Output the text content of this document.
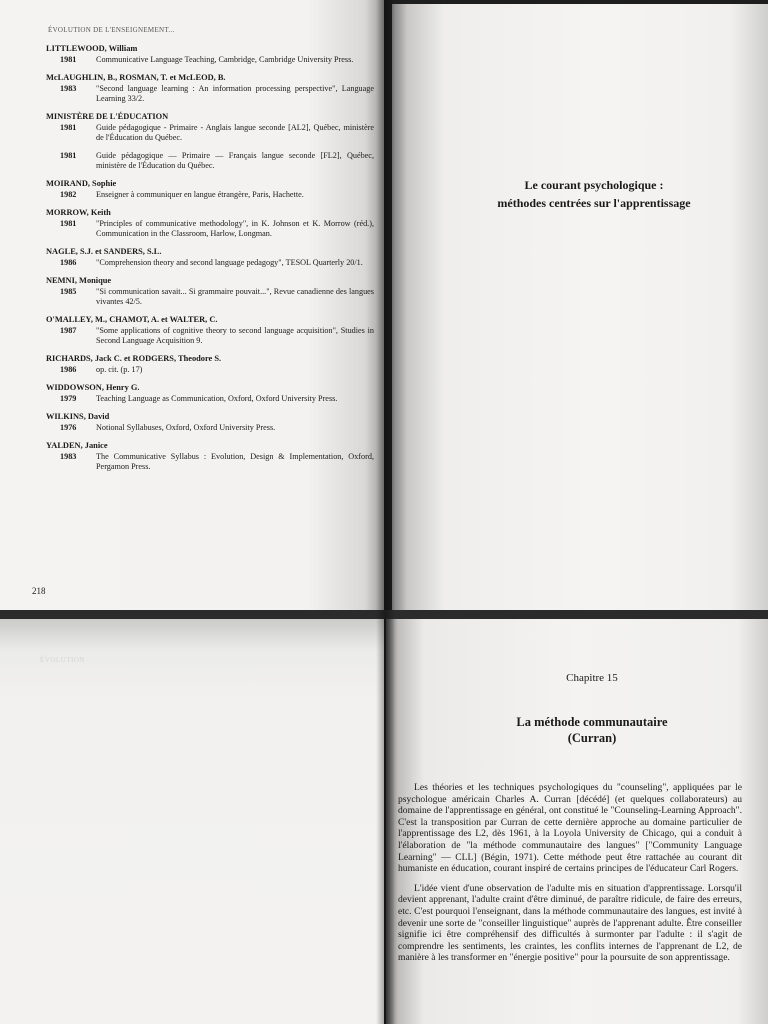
ÉVOLUTION DE L'ENSEIGNEMENT...
LITTLEWOOD, William
1981	Communicative Language Teaching, Cambridge, Cambridge University Press.
McLAUGHLIN, B., ROSMAN, T. et McLEOD, B.
1983	"Second language learning : An information processing perspective", Language Learning 33/2.
MINISTÈRE DE L'ÉDUCATION
1981	Guide pédagogique - Primaire - Anglais langue seconde [AL2], Québec, ministère de l'Éducation du Québec.
1981	Guide pédagogique — Primaire — Français langue seconde [FL2], Québec, ministère de l'Éducation du Québec.
MOIRAND, Sophie
1982	Enseigner à communiquer en langue étrangère, Paris, Hachette.
MORROW, Keith
1981	"Principles of communicative methodology", in K. Johnson et K. Morrow (réd.), Communication in the Classroom, Harlow, Longman.
NAGLE, S.J. et SANDERS, S.L.
1986	"Comprehension theory and second language pedagogy", TESOL Quarterly 20/1.
NEMNI, Monique
1985	"Si communication savait... Si grammaire pouvait...", Revue canadienne des langues vivantes 42/5.
O'MALLEY, M., CHAMOT, A. et WALTER, C.
1987	"Some applications of cognitive theory to second language acquisition", Studies in Second Language Acquisition 9.
RICHARDS, Jack C. et RODGERS, Theodore S.
1986	op. cit. (p. 17)
WIDDOWSON, Henry G.
1979	Teaching Language as Communication, Oxford, Oxford University Press.
WILKINS, David
1976	Notional Syllabuses, Oxford, Oxford University Press.
YALDEN, Janice
1983	The Communicative Syllabus : Evolution, Design & Implementation, Oxford, Pergamon Press.
218
Le courant psychologique :
méthodes centrées sur l'apprentissage
ÉVOLUTION
Chapitre 15
La méthode communautaire
(Curran)

Les théories et les techniques psychologiques du "counseling", appliquées par le psychologue américain Charles A. Curran [décédé] (et quelques collaborateurs) au domaine de l'apprentissage en général, ont constitué le "Counseling-Learning Approach". C'est la transposition par Curran de cette dernière approche au domaine particulier de l'apprentissage des L2, dès 1961, à la Loyola University de Chicago, qui a conduit à l'élaboration de "la méthode communautaire des langues" ["Community Language Learning" — CLL] (Bégin, 1971). Cette méthode peut être rattachée au courant dit humaniste en éducation, courant inspiré de certains principes de l'éducateur Carl Rogers.

L'idée vient d'une observation de l'adulte mis en situation d'apprentissage. Lorsqu'il devient apprenant, l'adulte craint d'être diminué, de paraître ridicule, de faire des erreurs, etc. C'est pourquoi l'enseignant, dans la méthode communautaire des langues, est invité à devenir une sorte de "conseiller linguistique" auprès de l'apprenant adulte. Être conseiller signifie ici être compréhensif des difficultés à surmonter par l'adulte : il s'agit de comprendre les sentiments, les craintes, les conflits internes de l'apprenant de L2, de manière à les transformer en "énergie positive" pour la poursuite de son apprentissage.
